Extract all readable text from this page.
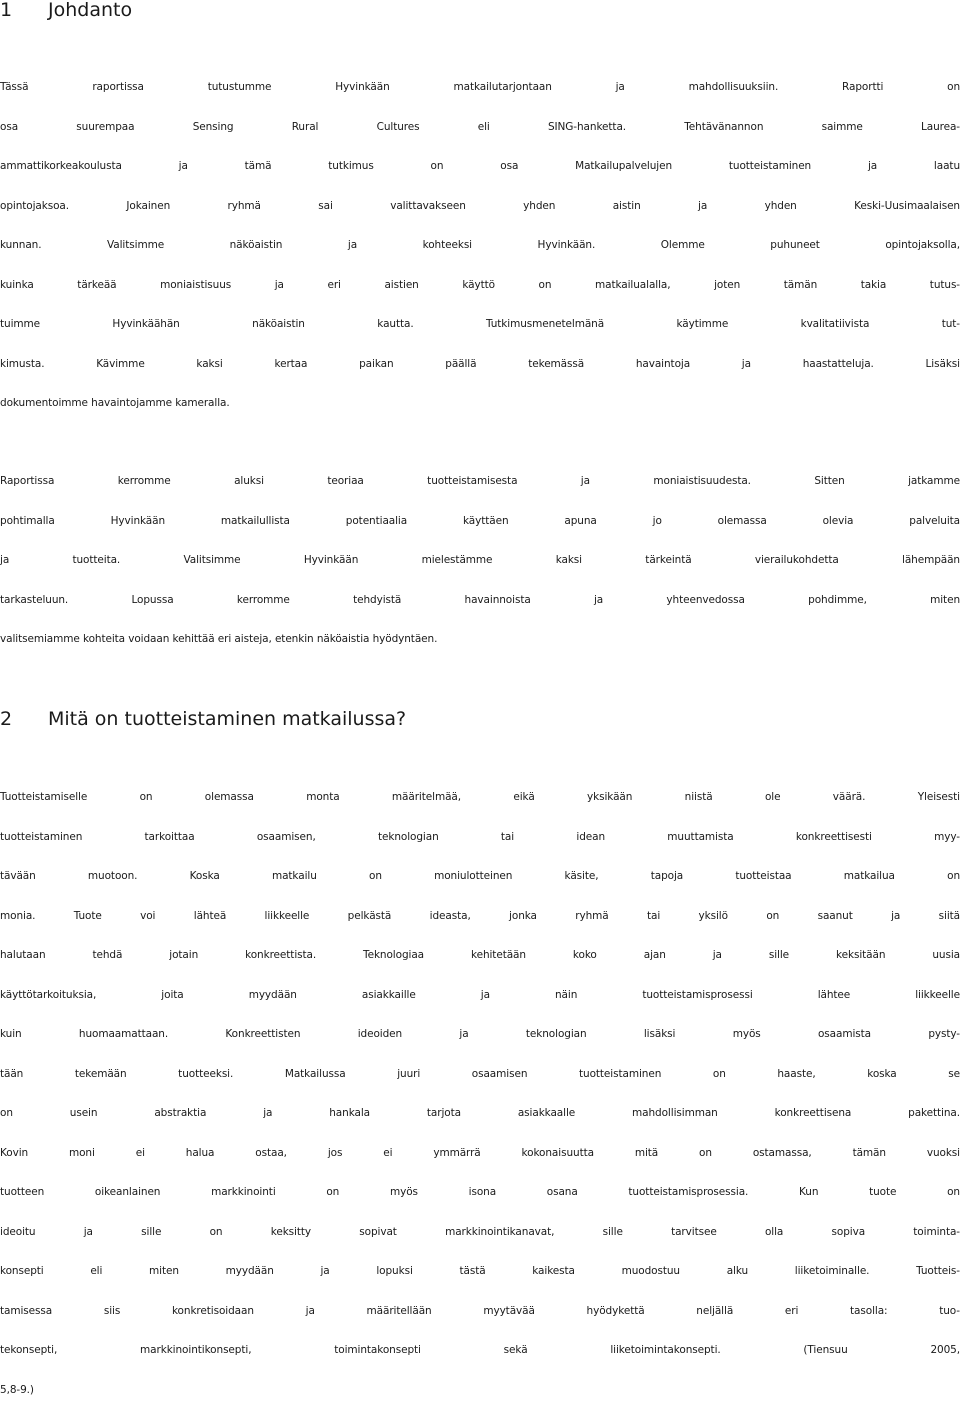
1 Johdanto
Tässä raportissa tutustumme Hyvinkään matkailutarjontaan ja mahdollisuuksiin. Raportti on
osa suurempaa Sensing Rural Cultures eli SING-hanketta. Tehtävänannon saimme Laurea-
ammattikorkeakoulusta ja tämä tutkimus on osa Matkailupalvelujen tuotteistaminen ja laatu
opintojaksoa. Jokainen ryhmä sai valittavakseen yhden aistin ja yhden Keski-Uusimaalaisen
kunnan. Valitsimme näköaistin ja kohteeksi Hyvinkään. Olemme puhuneet opintojaksolla,
kuinka tärkeää moniaistisuus ja eri aistien käyttö on matkailualalla, joten tämän takia tutus-
tuimme Hyvinkäähän näköaistin kautta. Tutkimusmenetelmänä käytimme kvalitatiivista tut-
kimusta. Kävimme kaksi kertaa paikan päällä tekemässä havaintoja ja haastatteluja. Lisäksi
dokumentoimme havaintojamme kameralla.
Raportissa kerromme aluksi teoriaa tuotteistamisesta ja moniaistisuudesta. Sitten jatkamme
pohtimalla Hyvinkään matkailullista potentiaalia käyttäen apuna jo olemassa olevia palveluita
ja tuotteita. Valitsimme Hyvinkään mielestämme kaksi tärkeintä vierailukohdetta lähempään
tarkasteluun. Lopussa kerromme tehdyistä havainnoista ja yhteenvedossa pohdimme, miten
valitsemiamme kohteita voidaan kehittää eri aisteja, etenkin näköaistia hyödyntäen.
2 Mitä on tuotteistaminen matkailussa?
Tuotteistamiselle on olemassa monta määritelmää, eikä yksikään niistä ole väärä. Yleisesti
tuotteistaminen tarkoittaa osaamisen, teknologian tai idean muuttamista konkreettisesti myy-
tävään muotoon. Koska matkailu on moniulotteinen käsite, tapoja tuotteistaa matkailua on
monia. Tuote voi lähteä liikkeelle pelkästä ideasta, jonka ryhmä tai yksilö on saanut ja siitä
halutaan tehdä jotain konkreettista. Teknologiaa kehitetään koko ajan ja sille keksitään uusia
käyttötarkoituksia, joita myydään asiakkaille ja näin tuotteistamisprosessi lähtee liikkeelle
kuin huomaamattaan. Konkreettisten ideoiden ja teknologian lisäksi myös osaamista pysty-
tään tekemään tuotteeksi. Matkailussa juuri osaamisen tuotteistaminen on haaste, koska se
on usein abstraktia ja hankala tarjota asiakkaalle mahdollisimman konkreettisena pakettina.
Kovin moni ei halua ostaa, jos ei ymmärrä kokonaisuutta mitä on ostamassa, tämän vuoksi
tuotteen oikeanlainen markkinointi on myös isona osana tuotteistamisprosessia. Kun tuote on
ideoitu ja sille on keksitty sopivat markkinointikanavat, sille tarvitsee olla sopiva toiminta-
konsepti eli miten myydään ja lopuksi tästä kaikesta muodostuu alku liiketoiminalle. Tuotteis-
tamisessa siis konkretisoidaan ja määritellään myytävää hyödykettä neljällä eri tasolla: tuo-
tekonsepti, markkinointikonsepti, toimintakonsepti sekä liiketoimintakonsepti. (Tiensuu 2005,
5,8-9.)
